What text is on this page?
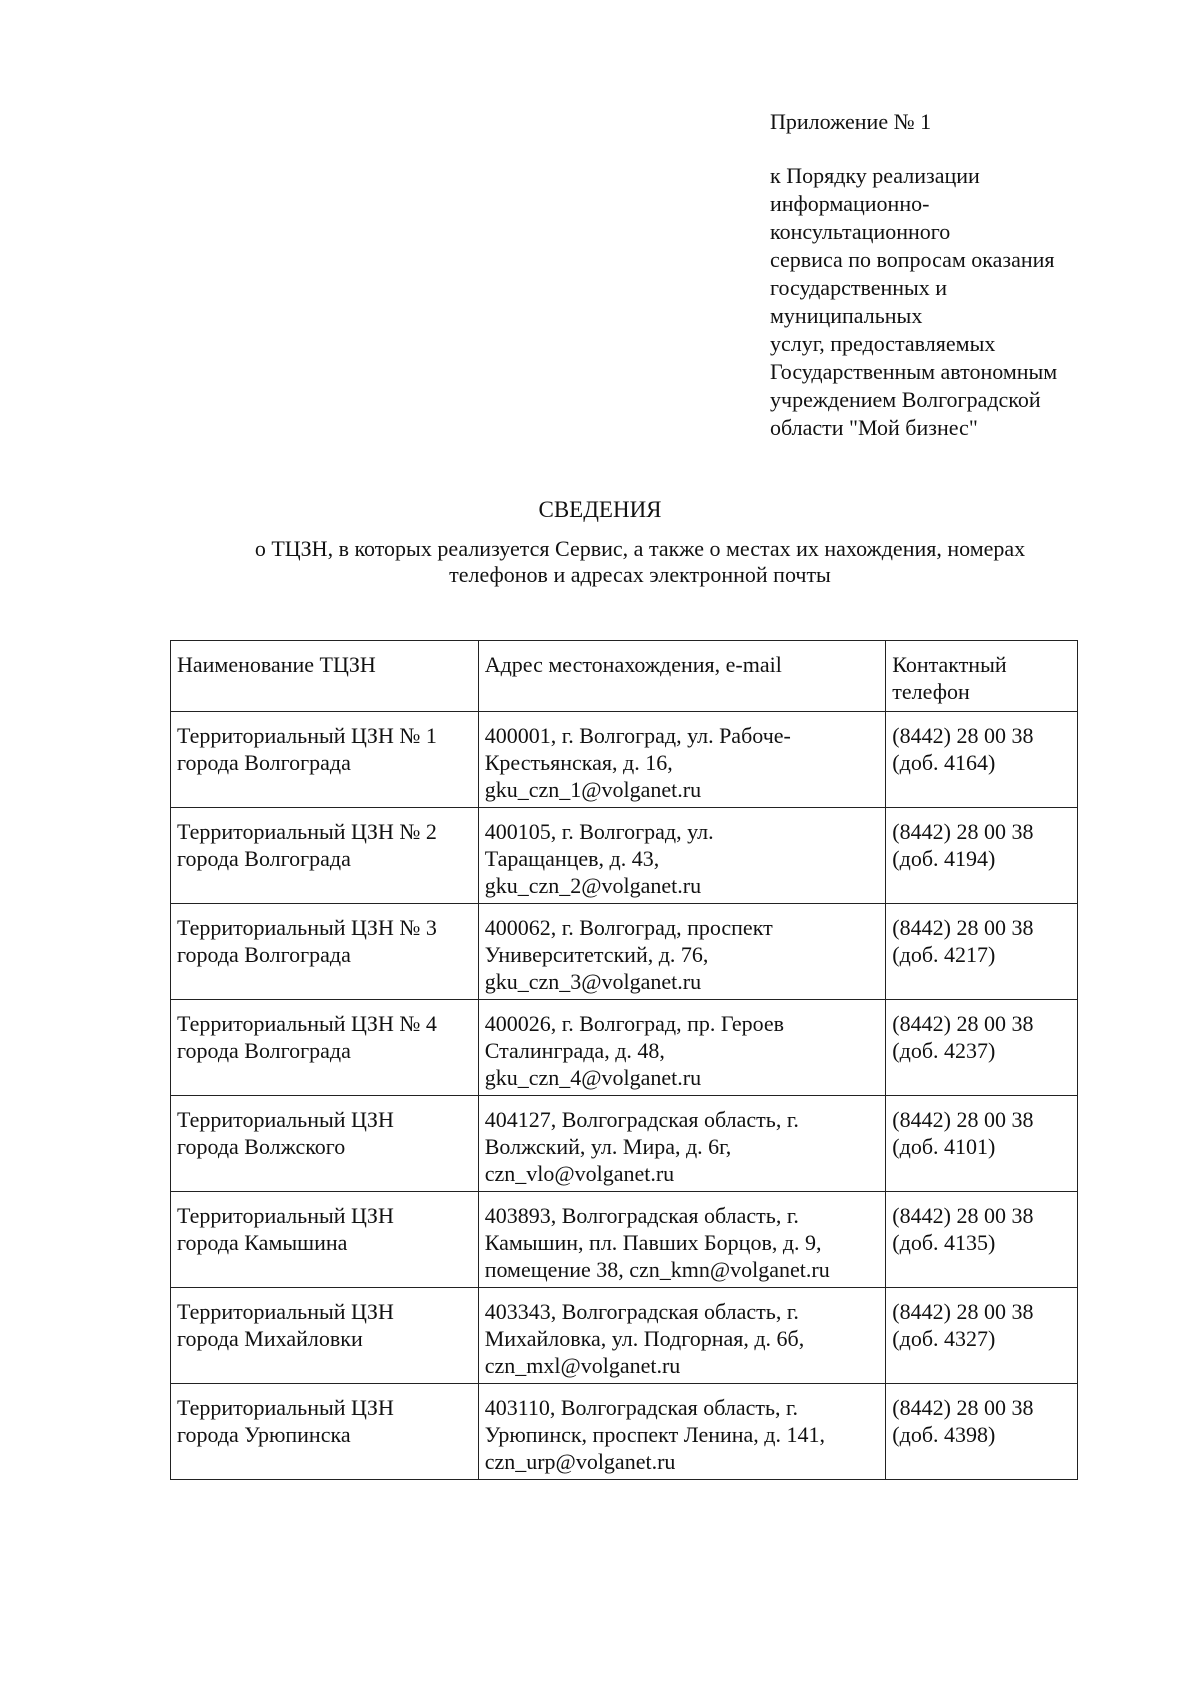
Приложение № 1
к Порядку реализации
информационно-
консультационного
сервиса по вопросам оказания
государственных и
муниципальных
услуг, предоставляемых
Государственным автономным
учреждением Волгоградской
области "Мой бизнес"
СВЕДЕНИЯ
о ТЦЗН, в которых реализуется Сервис, а также о местах их нахождения, номерах
телефонов и адресах электронной почты
Наименование ТЦЗН	Адрес местонахождения, e-mail	Контактный
телефон

Территориальный ЦЗН № 1
города Волгограда	400001, г. Волгоград, ул. Рабоче-
Крестьянская, д. 16,
gku_czn_1@volganet.ru	(8442) 28 00 38
(доб. 4164)

Территориальный ЦЗН № 2
города Волгограда	400105, г. Волгоград, ул.
Таращанцев, д. 43,
gku_czn_2@volganet.ru	(8442) 28 00 38
(доб. 4194)

Территориальный ЦЗН № 3
города Волгограда	400062, г. Волгоград, проспект
Университетский, д. 76,
gku_czn_3@volganet.ru	(8442) 28 00 38
(доб. 4217)

Территориальный ЦЗН № 4
города Волгограда	400026, г. Волгоград, пр. Героев
Сталинграда, д. 48,
gku_czn_4@volganet.ru	(8442) 28 00 38
(доб. 4237)

Территориальный ЦЗН
города Волжского	404127, Волгоградская область, г.
Волжский, ул. Мира, д. 6г,
czn_vlo@volganet.ru	(8442) 28 00 38
(доб. 4101)

Территориальный ЦЗН
города Камышина	403893, Волгоградская область, г.
Камышин, пл. Павших Борцов, д. 9,
помещение 38, czn_kmn@volganet.ru	(8442) 28 00 38
(доб. 4135)

Территориальный ЦЗН
города Михайловки	403343, Волгоградская область, г.
Михайловка, ул. Подгорная, д. 6б,
czn_mxl@volganet.ru	(8442) 28 00 38
(доб. 4327)

Территориальный ЦЗН
города Урюпинска	403110, Волгоградская область, г.
Урюпинск, проспект Ленина, д. 141,
czn_urp@volganet.ru	(8442) 28 00 38
(доб. 4398)
